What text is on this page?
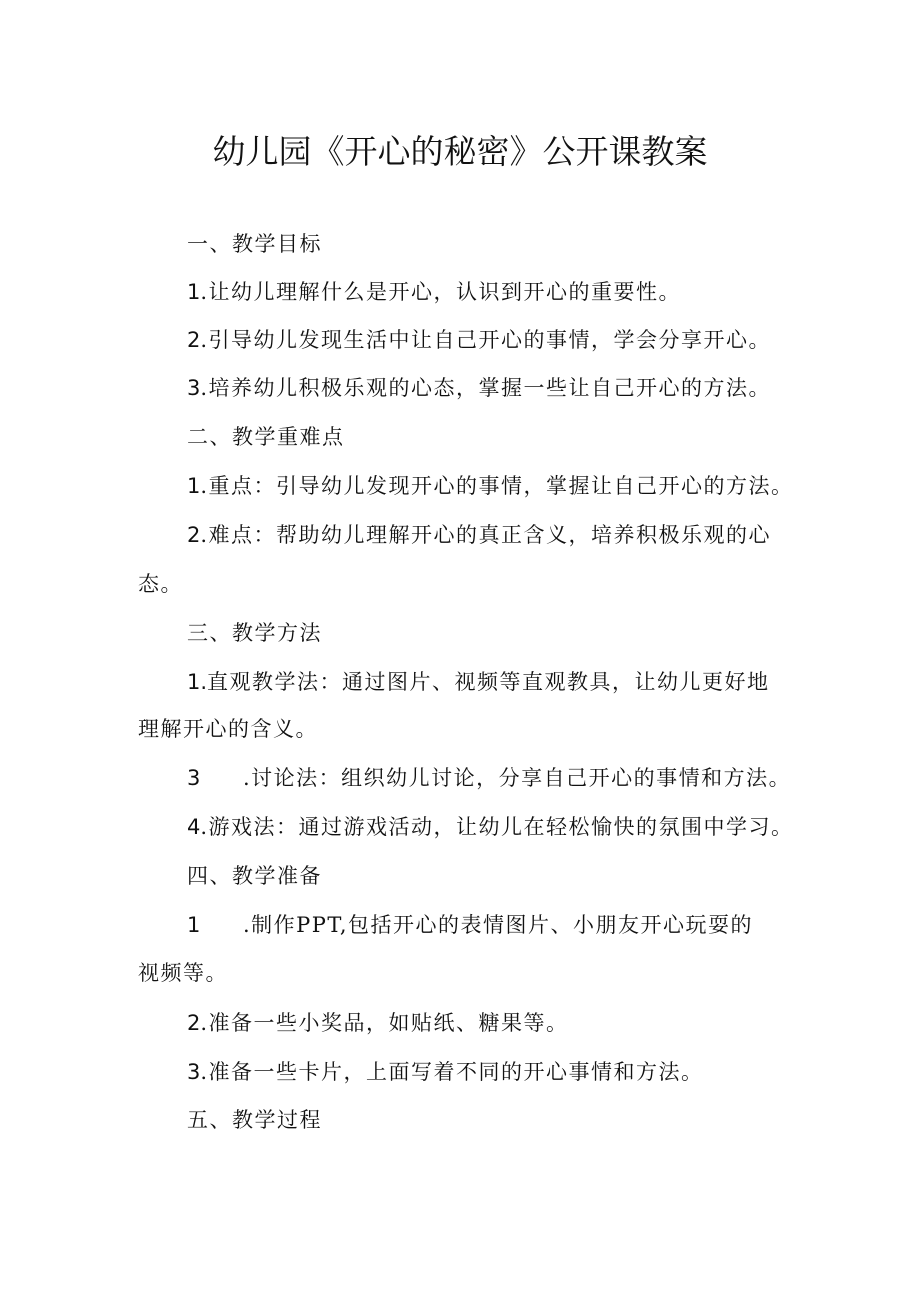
幼儿园《开心的秘密》公开课教案
一、教学目标
1.让幼儿理解什么是开心，认识到开心的重要性。
2.引导幼儿发现生活中让自己开心的事情，学会分享开心。
3.培养幼儿积极乐观的心态，掌握一些让自己开心的方法。
二、教学重难点
1.重点：引导幼儿发现开心的事情，掌握让自己开心的方法。
2.难点：帮助幼儿理解开心的真正含义，培养积极乐观的心
态。
三、教学方法
1.直观教学法：通过图片、视频等直观教具，让幼儿更好地
理解开心的含义。
3 .讨论法：组织幼儿讨论，分享自己开心的事情和方法。
4.游戏法：通过游戏活动，让幼儿在轻松愉快的氛围中学习。
四、教学准备
1 .制作PPT,包括开心的表情图片、小朋友开心玩耍的
视频等。
2.准备一些小奖品，如贴纸、糖果等。
3.准备一些卡片，上面写着不同的开心事情和方法。
五、教学过程
